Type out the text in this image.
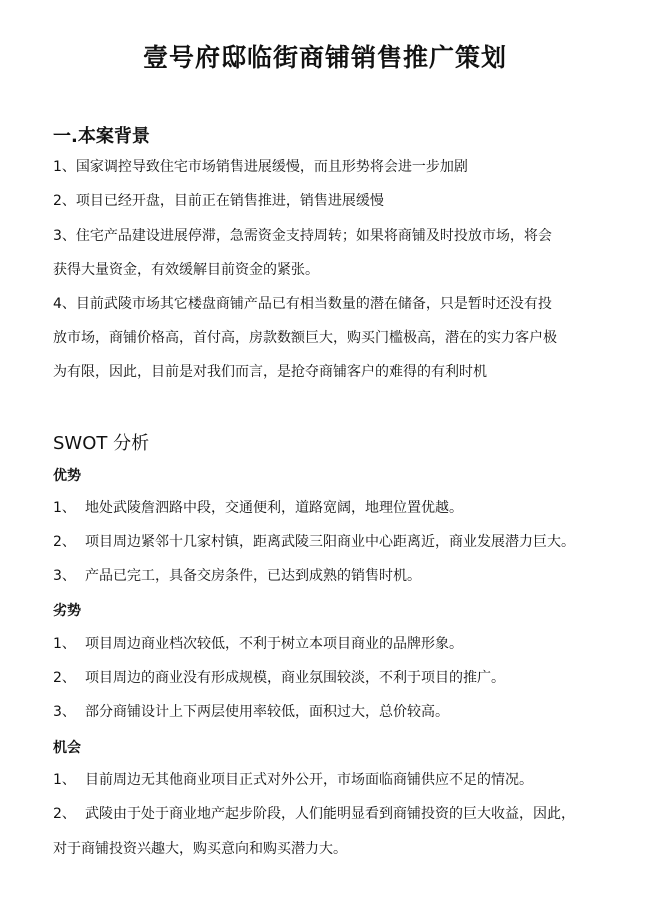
壹号府邸临街商铺销售推广策划
一.本案背景

1、国家调控导致住宅市场销售进展缓慢，而且形势将会进一步加剧

2、项目已经开盘，目前正在销售推进，销售进展缓慢

3、住宅产品建设进展停滞，急需资金支持周转；如果将商铺及时投放市场，将会

获得大量资金，有效缓解目前资金的紧张。

4、目前武陵市场其它楼盘商铺产品已有相当数量的潜在储备，只是暂时还没有投

放市场，商铺价格高，首付高，房款数额巨大，购买门槛极高，潜在的实力客户极

为有限，因此，目前是对我们而言，是抢夺商铺客户的难得的有利时机

SWOT 分析
优势

1、 地处武陵詹泗路中段，交通便利，道路宽阔，地理位置优越。

2、 项目周边紧邻十几家村镇，距离武陵三阳商业中心距离近，商业发展潜力巨大。

3、 产品已完工，具备交房条件，已达到成熟的销售时机。

劣势

1、 项目周边商业档次较低，不利于树立本项目商业的品牌形象。

2、 项目周边的商业没有形成规模，商业氛围较淡，不利于项目的推广。

3、 部分商铺设计上下两层使用率较低，面积过大，总价较高。

机会

1、 目前周边无其他商业项目正式对外公开，市场面临商铺供应不足的情况。

2、 武陵由于处于商业地产起步阶段，人们能明显看到商铺投资的巨大收益，因此，

对于商铺投资兴趣大，购买意向和购买潜力大。
